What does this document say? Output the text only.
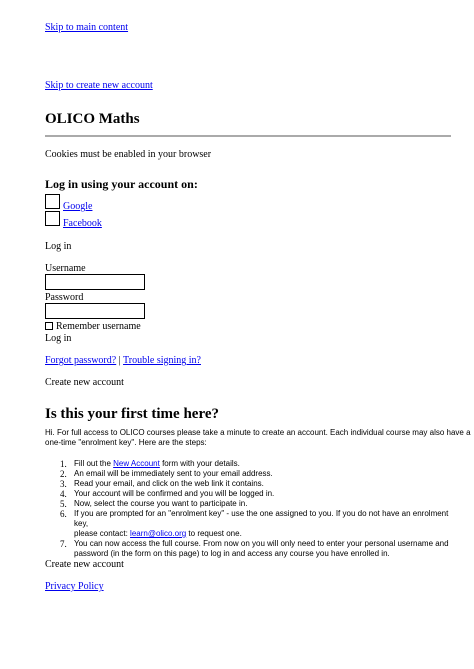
Skip to main content
Skip to create new account
OLICO Maths
Cookies must be enabled in your browser
Log in using your account on:
Google
Facebook
Log in
Username
Password
Remember username
Log in
Forgot password? | Trouble signing in?
Create new account
Is this your first time here?
Hi. For full access to OLICO courses please take a minute to create an account. Each individual course may also have a
one-time "enrolment key". Here are the steps:
1. Fill out the New Account form with your details.
2. An email will be immediately sent to your email address.
3. Read your email, and click on the web link it contains.
4. Your account will be confirmed and you will be logged in.
5. Now, select the course you want to participate in.
6. If you are prompted for an "enrolment key" - use the one assigned to you. If you do not have an enrolment key,
please contact: learn@olico.org to request one.
7. You can now access the full course. From now on you will only need to enter your personal username and
password (in the form on this page) to log in and access any course you have enrolled in.
Create new account
Privacy Policy
